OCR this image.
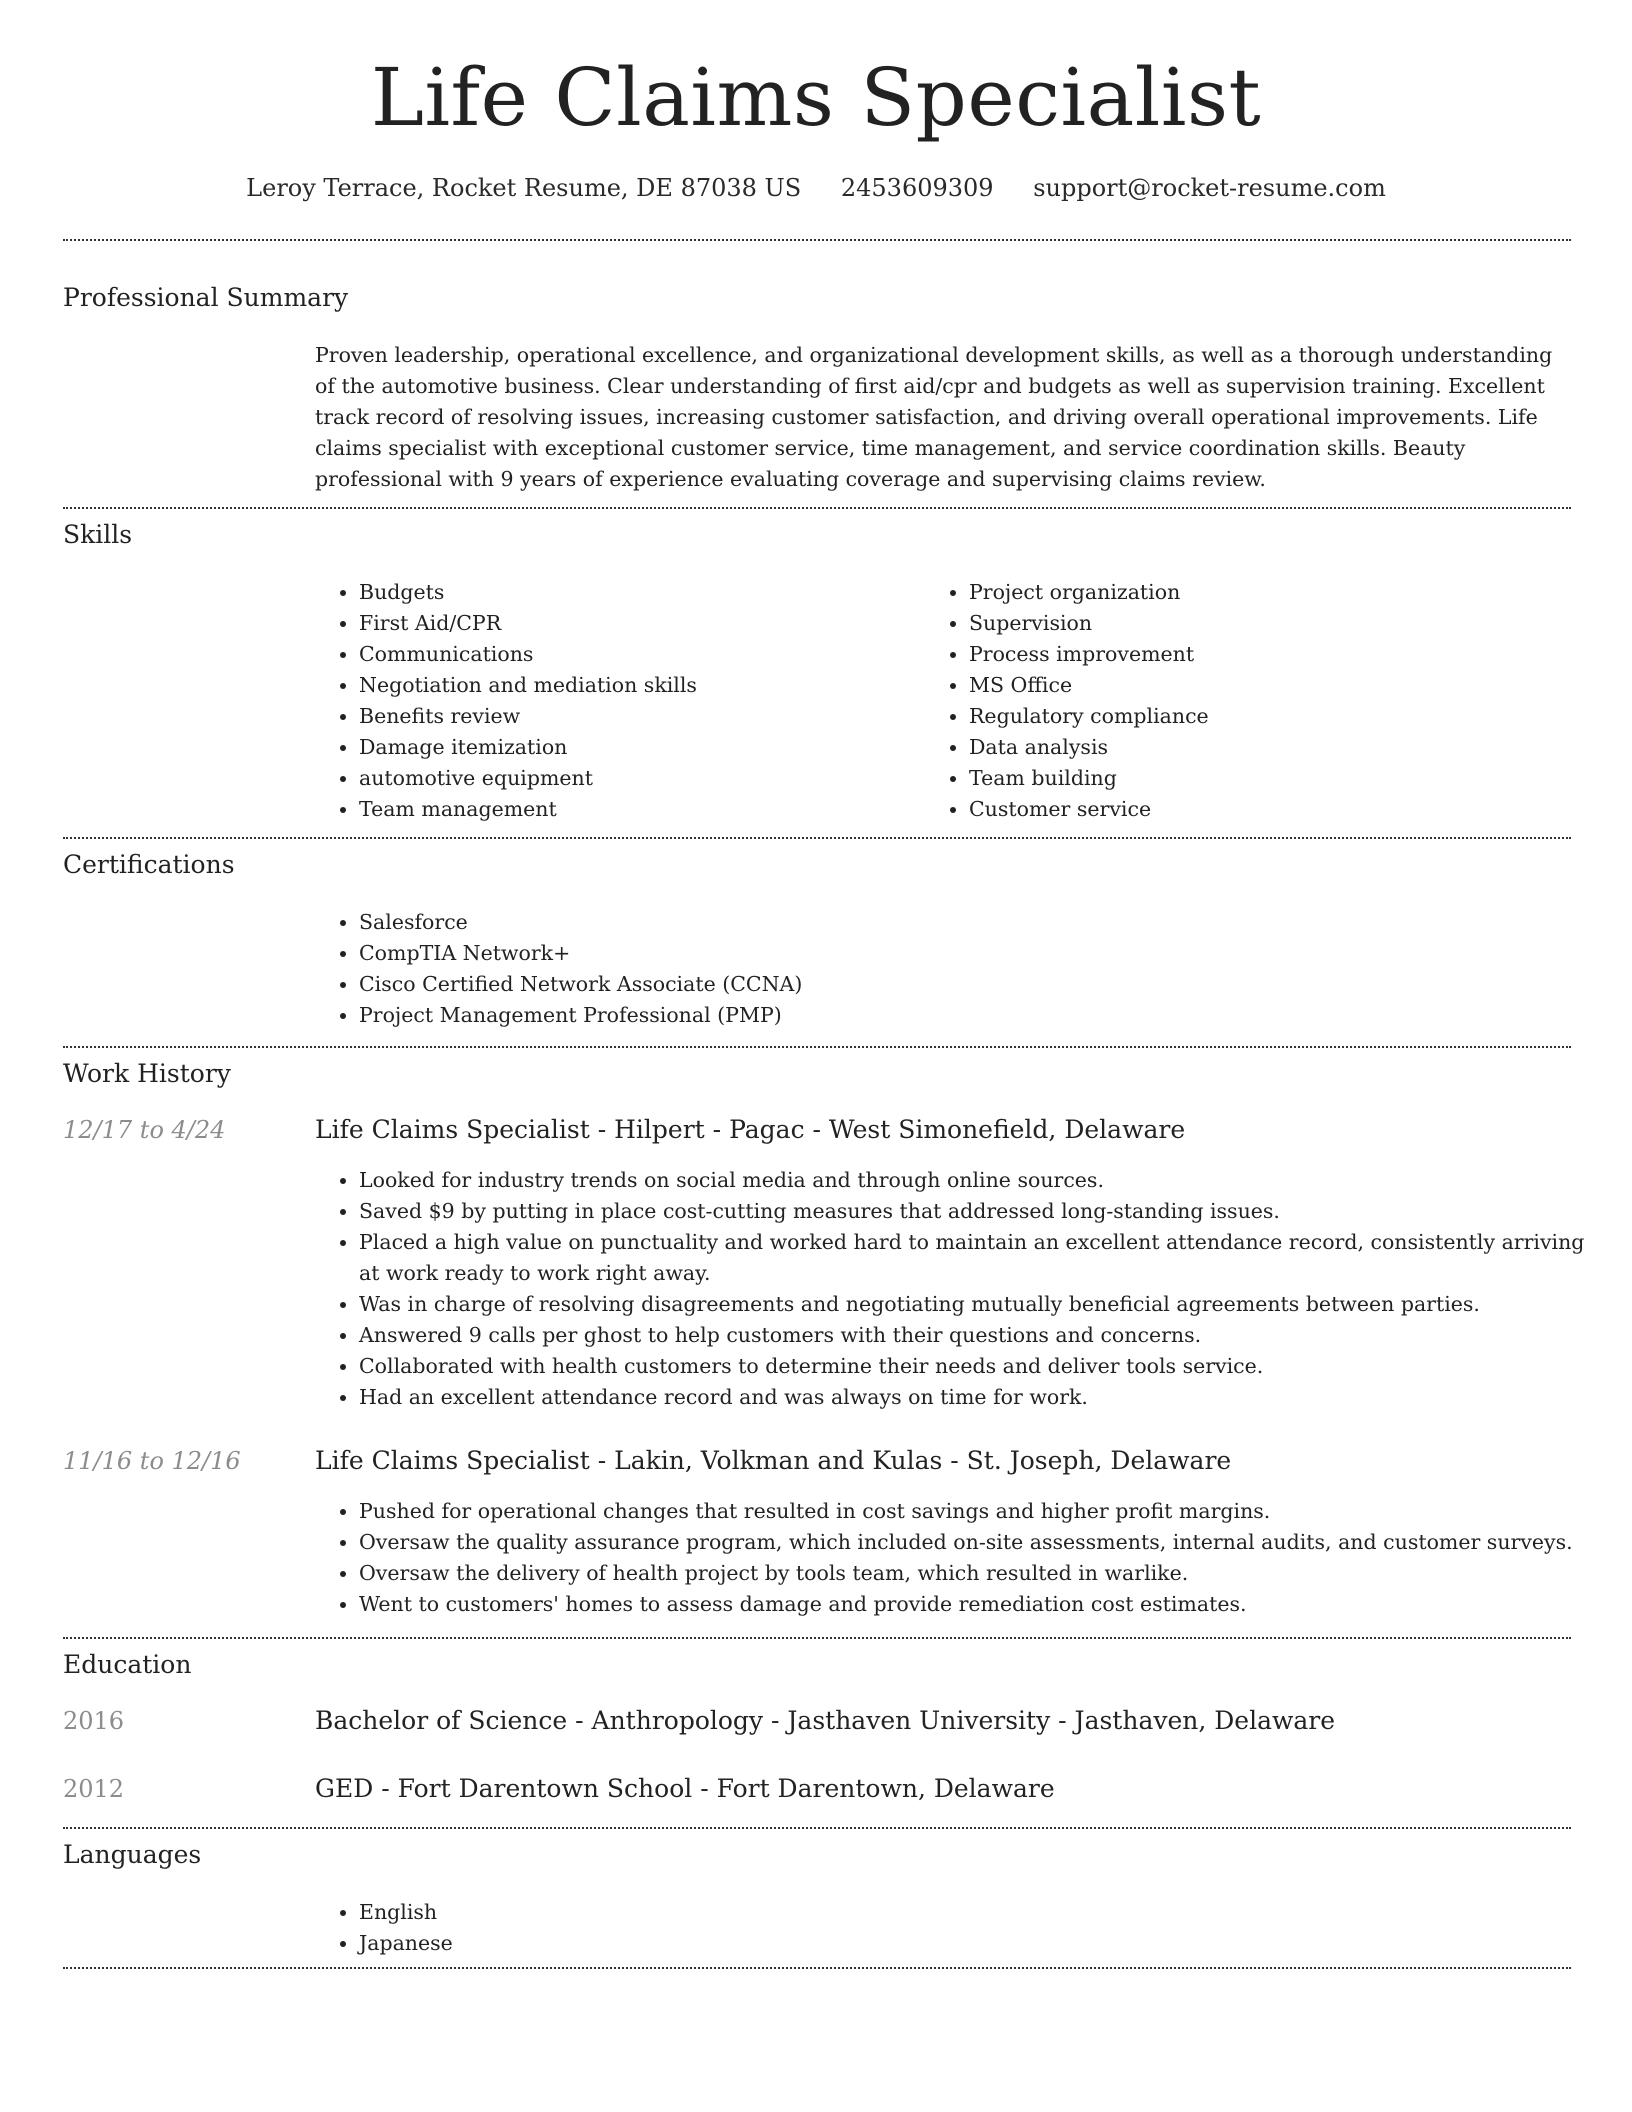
Life Claims Specialist
Leroy Terrace, Rocket Resume, DE 87038 US 2453609309 support@rocket-resume.com
Professional Summary
Proven leadership, operational excellence, and organizational development skills, as well as a thorough understanding of the automotive business. Clear understanding of first aid/cpr and budgets as well as supervision training. Excellent track record of resolving issues, increasing customer satisfaction, and driving overall operational improvements. Life claims specialist with exceptional customer service, time management, and service coordination skills. Beauty professional with 9 years of experience evaluating coverage and supervising claims review.
Skills
• Budgets
• First Aid/CPR
• Communications
• Negotiation and mediation skills
• Benefits review
• Damage itemization
• automotive equipment
• Team management
• Project organization
• Supervision
• Process improvement
• MS Office
• Regulatory compliance
• Data analysis
• Team building
• Customer service
Certifications
• Salesforce
• CompTIA Network+
• Cisco Certified Network Associate (CCNA)
• Project Management Professional (PMP)
Work History
12/17 to 4/24	Life Claims Specialist - Hilpert - Pagac - West Simonefield, Delaware
• Looked for industry trends on social media and through online sources.
• Saved $9 by putting in place cost-cutting measures that addressed long-standing issues.
• Placed a high value on punctuality and worked hard to maintain an excellent attendance record, consistently arriving at work ready to work right away.
• Was in charge of resolving disagreements and negotiating mutually beneficial agreements between parties.
• Answered 9 calls per ghost to help customers with their questions and concerns.
• Collaborated with health customers to determine their needs and deliver tools service.
• Had an excellent attendance record and was always on time for work.
11/16 to 12/16	Life Claims Specialist - Lakin, Volkman and Kulas - St. Joseph, Delaware
• Pushed for operational changes that resulted in cost savings and higher profit margins.
• Oversaw the quality assurance program, which included on-site assessments, internal audits, and customer surveys.
• Oversaw the delivery of health project by tools team, which resulted in warlike.
• Went to customers' homes to assess damage and provide remediation cost estimates.
Education
2016	Bachelor of Science - Anthropology - Jasthaven University - Jasthaven, Delaware
2012	GED - Fort Darentown School - Fort Darentown, Delaware
Languages
• English
• Japanese
